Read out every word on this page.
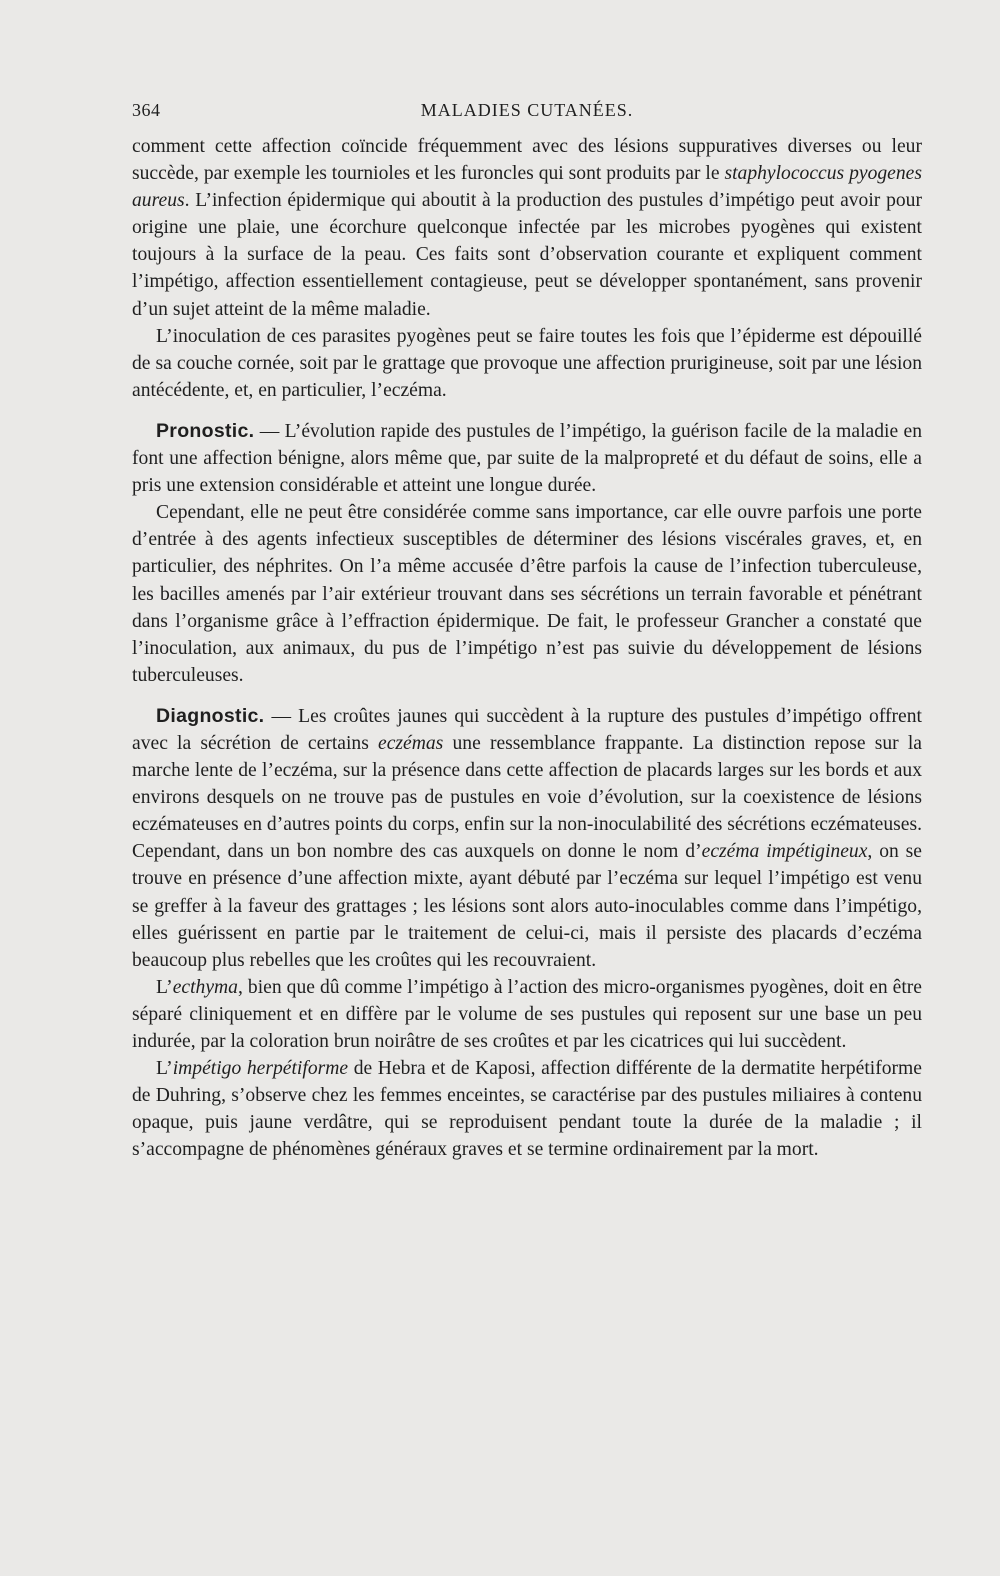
364	MALADIES CUTANÉES.

comment cette affection coïncide fréquemment avec des lésions suppuratives diverses ou leur succède, par exemple les tournioles et les furoncles qui sont produits par le staphylococcus pyogenes aureus. L’infection épidermique qui aboutit à la production des pustules d’impétigo peut avoir pour origine une plaie, une écorchure quelconque infectée par les microbes pyogènes qui existent toujours à la surface de la peau. Ces faits sont d’observation courante et expliquent comment l’impétigo, affection essentiellement contagieuse, peut se développer spontanément, sans provenir d’un sujet atteint de la même maladie.

L’inoculation de ces parasites pyogènes peut se faire toutes les fois que l’épiderme est dépouillé de sa couche cornée, soit par le grattage que provoque une affection prurigineuse, soit par une lésion antécédente, et, en particulier, l’eczéma.

Pronostic. — L’évolution rapide des pustules de l’impétigo, la guérison facile de la maladie en font une affection bénigne, alors même que, par suite de la malpropreté et du défaut de soins, elle a pris une extension considérable et atteint une longue durée.

Cependant, elle ne peut être considérée comme sans importance, car elle ouvre parfois une porte d’entrée à des agents infectieux susceptibles de déterminer des lésions viscérales graves, et, en particulier, des néphrites. On l’a même accusée d’être parfois la cause de l’infection tuberculeuse, les bacilles amenés par l’air extérieur trouvant dans ses sécrétions un terrain favorable et pénétrant dans l’organisme grâce à l’effraction épidermique. De fait, le professeur Grancher a constaté que l’inoculation, aux animaux, du pus de l’impétigo n’est pas suivie du développement de lésions tuberculeuses.

Diagnostic. — Les croûtes jaunes qui succèdent à la rupture des pustules d’impétigo offrent avec la sécrétion de certains eczémas une ressemblance frappante. La distinction repose sur la marche lente de l’eczéma, sur la présence dans cette affection de placards larges sur les bords et aux environs desquels on ne trouve pas de pustules en voie d’évolution, sur la coexistence de lésions eczémateuses en d’autres points du corps, enfin sur la non-inoculabilité des sécrétions eczémateuses. Cependant, dans un bon nombre des cas auxquels on donne le nom d’eczéma impétigineux, on se trouve en présence d’une affection mixte, ayant débuté par l’eczéma sur lequel l’impétigo est venu se greffer à la faveur des grattages ; les lésions sont alors auto-inoculables comme dans l’impétigo, elles guérissent en partie par le traitement de celui-ci, mais il persiste des placards d’eczéma beaucoup plus rebelles que les croûtes qui les recouvraient.

L’ecthyma, bien que dû comme l’impétigo à l’action des micro-organismes pyogènes, doit en être séparé cliniquement et en diffère par le volume de ses pustules qui reposent sur une base un peu indurée, par la coloration brun noirâtre de ses croûtes et par les cicatrices qui lui succèdent.

L’impétigo herpétiforme de Hebra et de Kaposi, affection différente de la dermatite herpétiforme de Duhring, s’observe chez les femmes enceintes, se caractérise par des pustules miliaires à contenu opaque, puis jaune verdâtre, qui se reproduisent pendant toute la durée de la maladie ; il s’accompagne de phénomènes généraux graves et se termine ordinairement par la mort.
